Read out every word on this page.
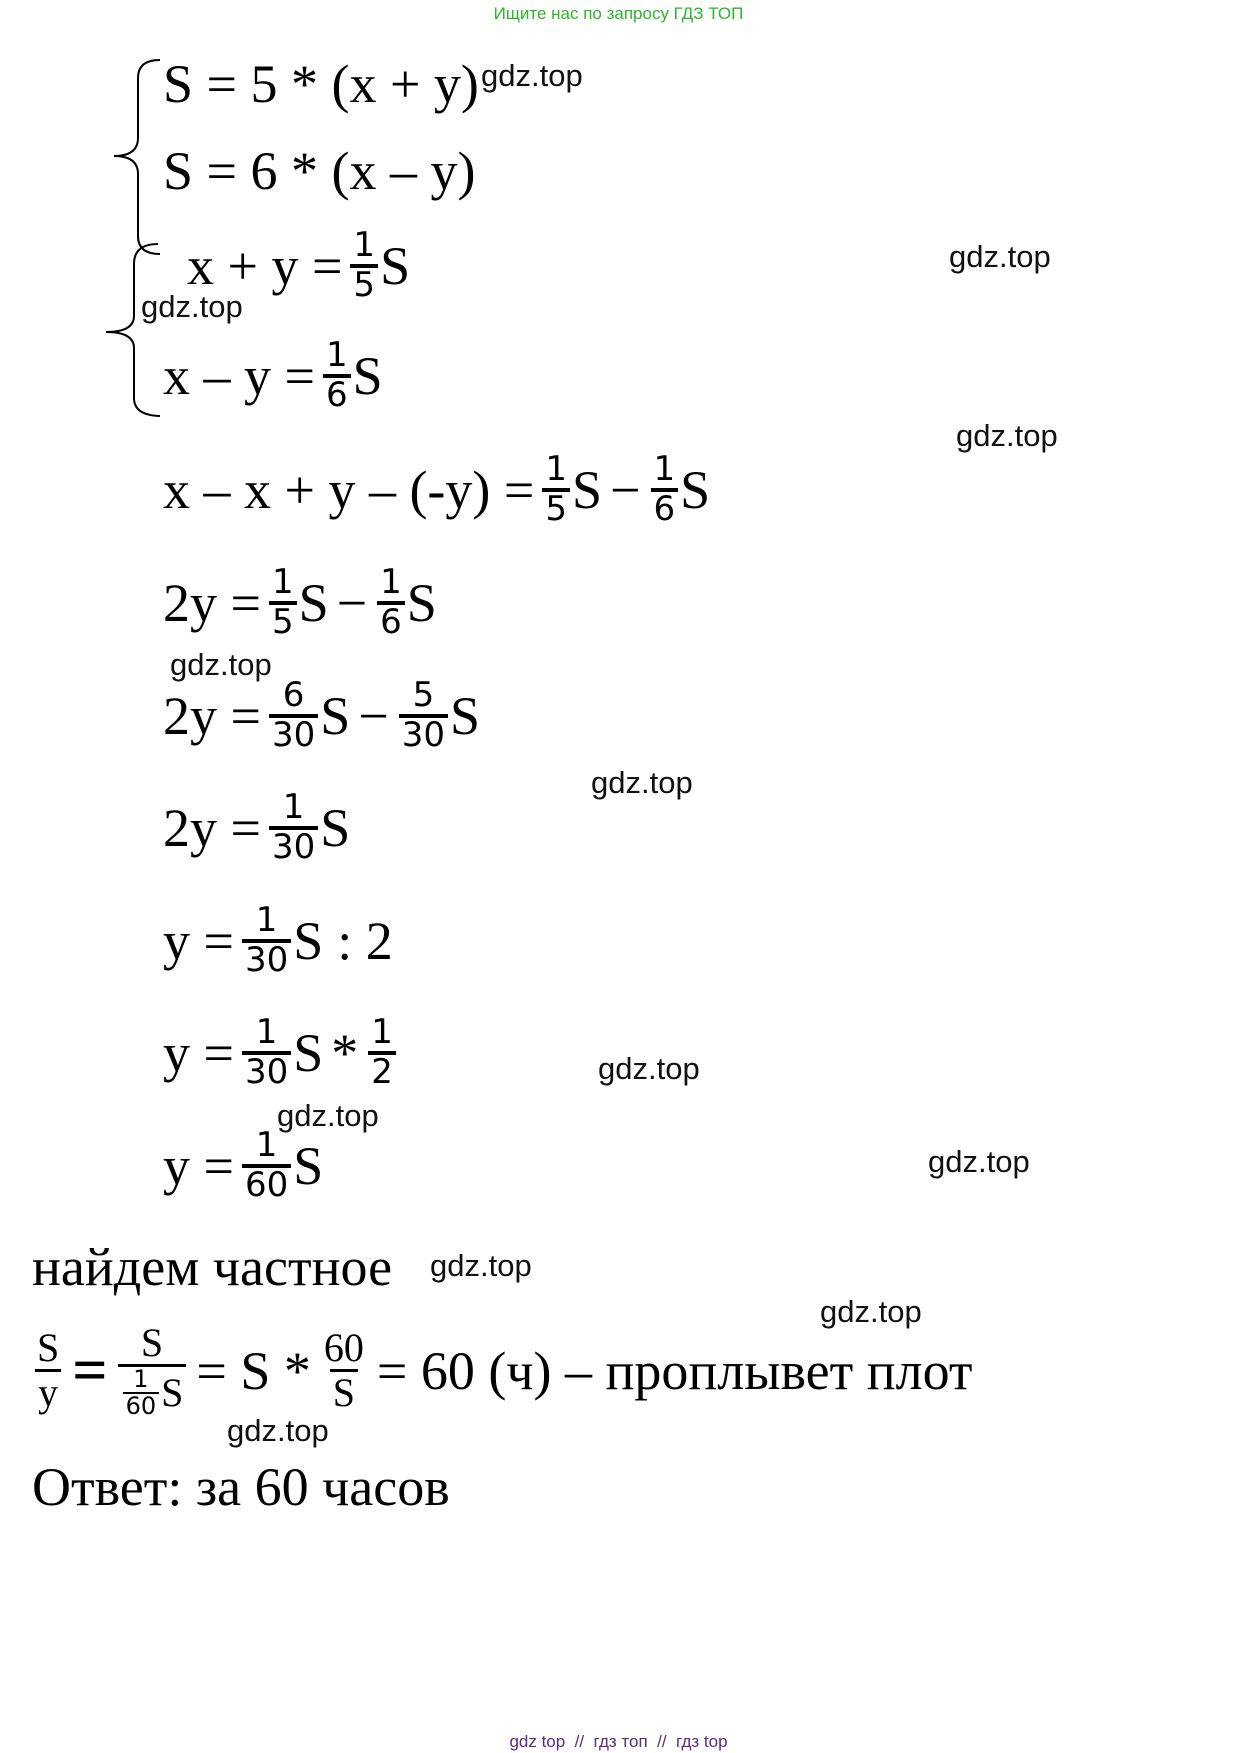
Ищите нас по запросу ГДЗ ТОП
S = 5 * (x + y)
S = 6 * (x – y)
$x + y = \frac{1}{5}$ S
$x - y = \frac{1}{6}$ S
$x - x + y - (-y) = \frac{1}{5}$ $S - \frac{1}{6}$ S
$2y = \frac{1}{5}$ $S - \frac{1}{6}$ S
$2y = \frac{6}{30}$ $S - \frac{5}{30}$ S
$2y = \frac{1}{30}$ S
$y = \frac{1}{30}$ S : 2
$y = \frac{1}{30}$ S * $\frac{1}{2}$
$y = \frac{1}{60}$ S
найдем частное
$\frac{S}{y} = \frac{S}{\frac{1}{60} S} = S * \frac{60}{S} = 60$ (ч) – проплывет плот
Ответ: за 60 часов
gdz.top
gdz.top
gdz.top
gdz.top
gdz.top
gdz.top
gdz.top
gdz.top
gdz.top
gdz.top
gdz.top
gdz.top
gdz top  //  гдз топ  //  гдз top
